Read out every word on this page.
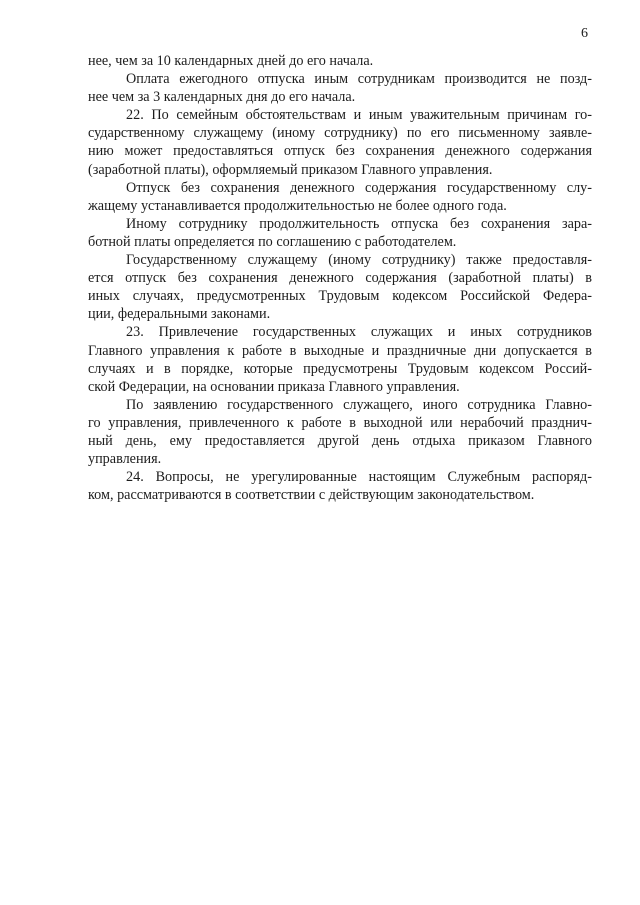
6
нее, чем за 10 календарных дней до его начала.
Оплата ежегодного отпуска иным сотрудникам производится не позд-
нее чем за 3 календарных дня до его начала.
22. По семейным обстоятельствам и иным уважительным причинам го-
сударственному служащему (иному сотруднику) по его письменному заявле-
нию может предоставляться отпуск без сохранения денежного содержания
(заработной платы), оформляемый приказом Главного управления.
Отпуск без сохранения денежного содержания государственному слу-
жащему устанавливается продолжительностью не более одного года.
Иному сотруднику продолжительность отпуска без сохранения зара-
ботной платы определяется по соглашению с работодателем.
Государственному служащему (иному сотруднику) также предоставля-
ется отпуск без сохранения денежного содержания (заработной платы) в
иных случаях, предусмотренных Трудовым кодексом Российской Федера-
ции, федеральными законами.
23. Привлечение государственных служащих и иных сотрудников
Главного управления к работе в выходные и праздничные дни допускается в
случаях и в порядке, которые предусмотрены Трудовым кодексом Россий-
ской Федерации, на основании приказа Главного управления.
По заявлению государственного служащего, иного сотрудника Главно-
го управления, привлеченного к работе в выходной или нерабочий празднич-
ный день, ему предоставляется другой день отдыха приказом Главного
управления.
24. Вопросы, не урегулированные настоящим Служебным распоряд-
ком, рассматриваются в соответствии с действующим законодательством.
